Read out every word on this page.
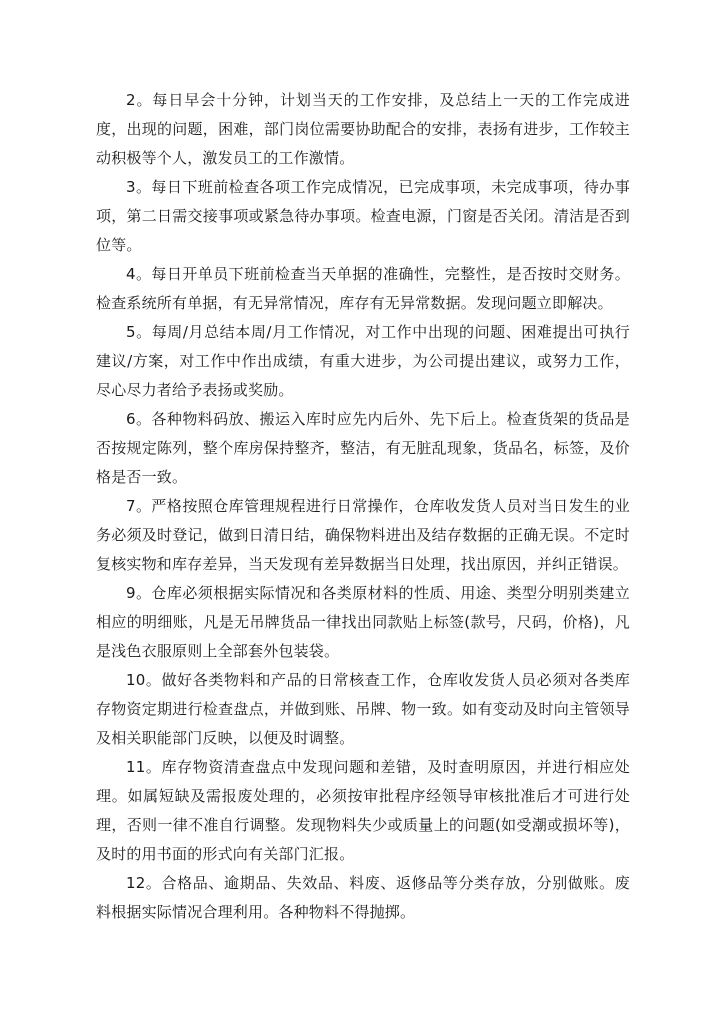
2。每日早会十分钟，计划当天的工作安排，及总结上一天的工作完成进度，出现的问题，困难，部门岗位需要协助配合的安排，表扬有进步，工作较主动积极等个人，激发员工的工作激情。

3。每日下班前检查各项工作完成情况，已完成事项，未完成事项，待办事项，第二日需交接事项或紧急待办事项。检查电源，门窗是否关闭。清洁是否到位等。

4。每日开单员下班前检查当天单据的准确性，完整性，是否按时交财务。检查系统所有单据，有无异常情况，库存有无异常数据。发现问题立即解决。

5。每周/月总结本周/月工作情况，对工作中出现的问题、困难提出可执行建议/方案，对工作中作出成绩，有重大进步，为公司提出建议，或努力工作，尽心尽力者给予表扬或奖励。

6。各种物料码放、搬运入库时应先内后外、先下后上。检查货架的货品是否按规定陈列，整个库房保持整齐，整洁，有无脏乱现象，货品名，标签，及价格是否一致。

7。严格按照仓库管理规程进行日常操作，仓库收发货人员对当日发生的业务必须及时登记，做到日清日结，确保物料进出及结存数据的正确无误。不定时复核实物和库存差异，当天发现有差异数据当日处理，找出原因，并纠正错误。

9。仓库必须根据实际情况和各类原材料的性质、用途、类型分明别类建立相应的明细账，凡是无吊牌货品一律找出同款贴上标签(款号，尺码，价格)，凡是浅色衣服原则上全部套外包装袋。

10。做好各类物料和产品的日常核查工作，仓库收发货人员必须对各类库存物资定期进行检查盘点，并做到账、吊牌、物一致。如有变动及时向主管领导及相关职能部门反映，以便及时调整。

11。库存物资清查盘点中发现问题和差错，及时查明原因，并进行相应处理。如属短缺及需报废处理的，必须按审批程序经领导审核批准后才可进行处理，否则一律不准自行调整。发现物料失少或质量上的问题(如受潮或损坏等)，及时的用书面的形式向有关部门汇报。

12。合格品、逾期品、失效品、料废、返修品等分类存放，分别做账。废料根据实际情况合理利用。各种物料不得抛掷。
